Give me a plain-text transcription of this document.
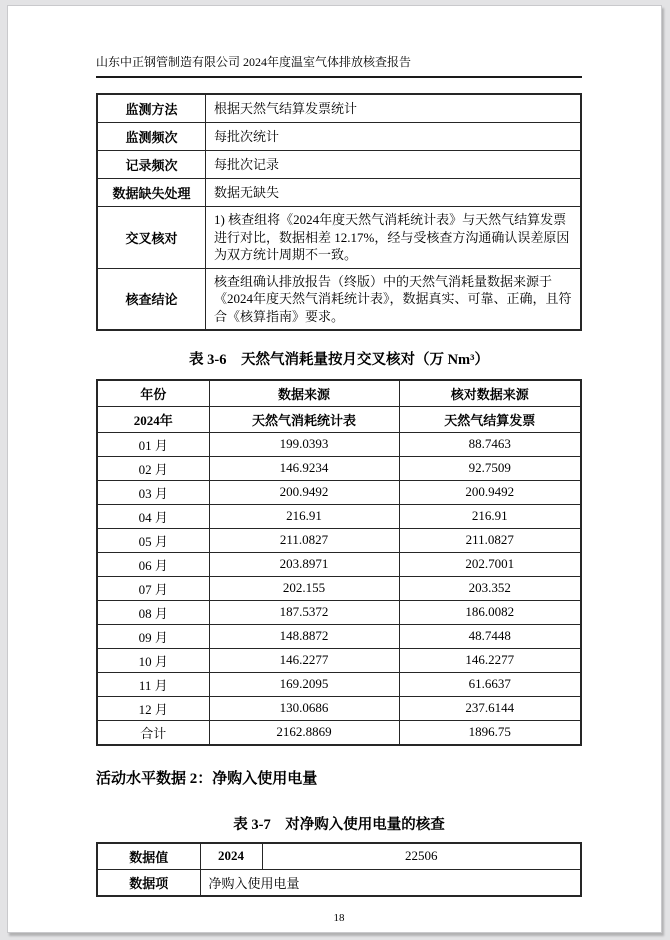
山东中正钢管制造有限公司 2024年度温室气体排放核查报告
监测方法	根据天然气结算发票统计
监测频次	每批次统计
记录频次	每批次记录
数据缺失处理	数据无缺失
交叉核对	1) 核查组将《2024年度天然气消耗统计表》与天然气结算发票进行对比，数据相差 12.17%，经与受核查方沟通确认误差原因为双方统计周期不一致。
核查结论	核查组确认排放报告（终版）中的天然气消耗量数据来源于《2024年度天然气消耗统计表》，数据真实、可靠、正确，且符合《核算指南》要求。
表 3-6　天然气消耗量按月交叉核对（万 Nm³）
年份	数据来源	核对数据来源
2024年	天然气消耗统计表	天然气结算发票
01 月	199.0393	88.7463
02 月	146.9234	92.7509
03 月	200.9492	200.9492
04 月	216.91	216.91
05 月	211.0827	211.0827
06 月	203.8971	202.7001
07 月	202.155	203.352
08 月	187.5372	186.0082
09 月	148.8872	48.7448
10 月	146.2277	146.2277
11 月	169.2095	61.6637
12 月	130.0686	237.6144
合计	2162.8869	1896.75
活动水平数据 2：净购入使用电量
表 3-7　对净购入使用电量的核查
数据值	2024	22506
数据项	净购入使用电量	
18
